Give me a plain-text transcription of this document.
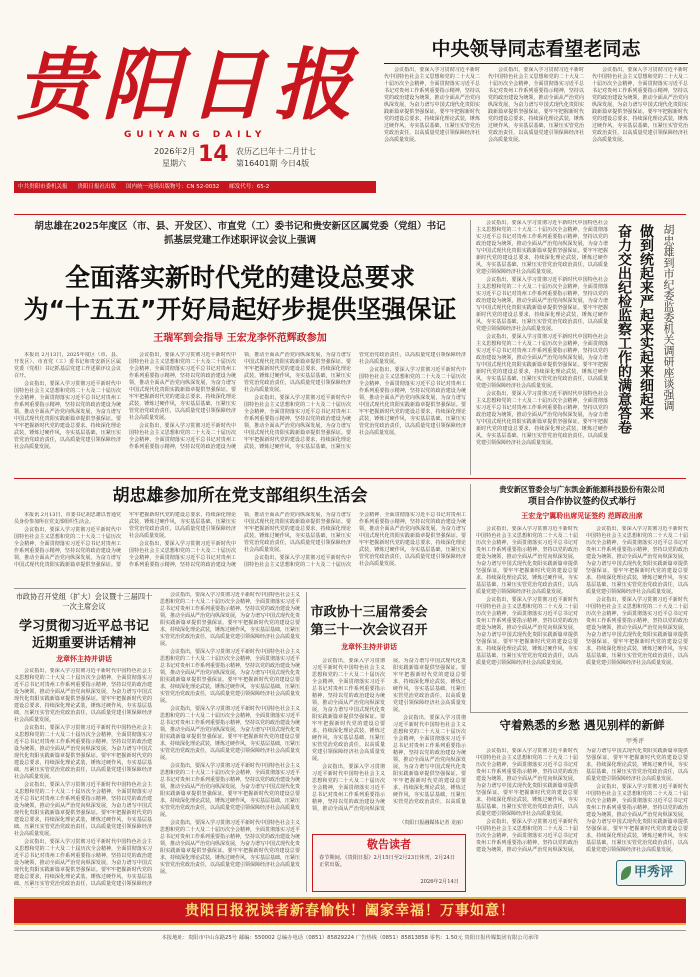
贵阳日报
GUIYANG DAILY
2026年2月
星期六 14 农历乙巳年十二月廿七
第16401期 今日4版
中共贵阳市委机关报 贵阳日报社出版 国内统一连续出版物号：CN 52-0032 邮发代号：65-2
中央领导同志看望老同志

会议指出，要深入学习贯彻习近平新时代中国特色社会主义思想和党的二十大及二十届历次全会精神，全面贯彻落实习近平总书记对贵州工作系列重要指示精神，坚持以党的政治建设为统领，推动全面从严治党向纵深发展，为奋力谱写中国式现代化贵阳实践新篇章提供坚强保证。要牢牢把握新时代党的建设总要求，持续深化理论武装，锤炼过硬作风，夯实基层基础，压紧压实管党治党政治责任，以高质量党建引领保障经济社会高质量发展。

会议指出，要深入学习贯彻习近平新时代中国特色社会主义思想和党的二十大及二十届历次全会精神，全面贯彻落实习近平总书记对贵州工作系列重要指示精神，坚持以党的政治建设为统领，推动全面从严治党向纵深发展，为奋力谱写中国式现代化贵阳实践新篇章提供坚强保证。要牢牢把握新时代党的建设总要求，持续深化理论武装，锤炼过硬作风，夯实基层基础，压紧压实管党治党政治责任，以高质量党建引领保障经济社会高质量发展。

会议指出，要深入学习贯彻习近平新时代中国特色社会主义思想和党的二十大及二十届历次全会精神，全面贯彻落实习近平总书记对贵州工作系列重要指示精神，坚持以党的政治建设为统领，推动全面从严治党向纵深发展，为奋力谱写中国式现代化贵阳实践新篇章提供坚强保证。要牢牢把握新时代党的建设总要求，持续深化理论武装，锤炼过硬作风，夯实基层基础，压紧压实管党治党政治责任，以高质量党建引领保障经济社会高质量发展。

胡忠雄在2025年度区（市、县、开发区）、市直党（工）委书记和贵安新区区属党委（党组）书记抓基层党建工作述职评议会议上强调
全面落实新时代党的建设总要求
为“十五五”开好局起好步提供坚强保证
王瑞军到会指导 王宏龙李怀范辉政参加

本报讯 2月13日，2025年度区（市、县、开发区）、市直党（工）委书记和贵安新区区属党委（党组）书记抓基层党建工作述职评议会议召开。

会议指出，要深入学习贯彻习近平新时代中国特色社会主义思想和党的二十大及二十届历次全会精神，全面贯彻落实习近平总书记对贵州工作系列重要指示精神，坚持以党的政治建设为统领，推动全面从严治党向纵深发展，为奋力谱写中国式现代化贵阳实践新篇章提供坚强保证。要牢牢把握新时代党的建设总要求，持续深化理论武装，锤炼过硬作风，夯实基层基础，压紧压实管党治党政治责任，以高质量党建引领保障经济社会高质量发展。

会议指出，要深入学习贯彻习近平新时代中国特色社会主义思想和党的二十大及二十届历次全会精神，全面贯彻落实习近平总书记对贵州工作系列重要指示精神，坚持以党的政治建设为统领，推动全面从严治党向纵深发展，为奋力谱写中国式现代化贵阳实践新篇章提供坚强保证。要牢牢把握新时代党的建设总要求，持续深化理论武装，锤炼过硬作风，夯实基层基础，压紧压实管党治党政治责任，以高质量党建引领保障经济社会高质量发展。

会议指出，要深入学习贯彻习近平新时代中国特色社会主义思想和党的二十大及二十届历次全会精神，全面贯彻落实习近平总书记对贵州工作系列重要指示精神，坚持以党的政治建设为统领，推动全面从严治党向纵深发展，为奋力谱写中国式现代化贵阳实践新篇章提供坚强保证。要牢牢把握新时代党的建设总要求，持续深化理论武装，锤炼过硬作风，夯实基层基础，压紧压实管党治党政治责任，以高质量党建引领保障经济社会高质量发展。

会议指出，要深入学习贯彻习近平新时代中国特色社会主义思想和党的二十大及二十届历次全会精神，全面贯彻落实习近平总书记对贵州工作系列重要指示精神，坚持以党的政治建设为统领，推动全面从严治党向纵深发展，为奋力谱写中国式现代化贵阳实践新篇章提供坚强保证。要牢牢把握新时代党的建设总要求，持续深化理论武装，锤炼过硬作风，夯实基层基础，压紧压实管党治党政治责任，以高质量党建引领保障经济社会高质量发展。

会议指出，要深入学习贯彻习近平新时代中国特色社会主义思想和党的二十大及二十届历次全会精神，全面贯彻落实习近平总书记对贵州工作系列重要指示精神，坚持以党的政治建设为统领，推动全面从严治党向纵深发展，为奋力谱写中国式现代化贵阳实践新篇章提供坚强保证。要牢牢把握新时代党的建设总要求，持续深化理论武装，锤炼过硬作风，夯实基层基础，压紧压实管党治党政治责任，以高质量党建引领保障经济社会高质量发展。

会议指出，要深入学习贯彻习近平新时代中国特色社会主义思想和党的二十大及二十届历次全会精神，全面贯彻落实习近平总书记对贵州工作系列重要指示精神，坚持以党的政治建设为统领，推动全面从严治党向纵深发展，为奋力谱写中国式现代化贵阳实践新篇章提供坚强保证。要牢牢把握新时代党的建设总要求，持续深化理论武装，锤炼过硬作风，夯实基层基础，压紧压实管党治党政治责任，以高质量党建引领保障经济社会高质量发展。

会议指出，要深入学习贯彻习近平新时代中国特色社会主义思想和党的二十大及二十届历次全会精神，全面贯彻落实习近平总书记对贵州工作系列重要指示精神，坚持以党的政治建设为统领，推动全面从严治党向纵深发展，为奋力谱写中国式现代化贵阳实践新篇章提供坚强保证。要牢牢把握新时代党的建设总要求，持续深化理论武装，锤炼过硬作风，夯实基层基础，压紧压实管党治党政治责任，以高质量党建引领保障经济社会高质量发展。

会议指出，要深入学习贯彻习近平新时代中国特色社会主义思想和党的二十大及二十届历次全会精神，全面贯彻落实习近平总书记对贵州工作系列重要指示精神，坚持以党的政治建设为统领，推动全面从严治党向纵深发展，为奋力谱写中国式现代化贵阳实践新篇章提供坚强保证。要牢牢把握新时代党的建设总要求，持续深化理论武装，锤炼过硬作风，夯实基层基础，压紧压实管党治党政治责任，以高质量党建引领保障经济社会高质量发展。

会议指出，要深入学习贯彻习近平新时代中国特色社会主义思想和党的二十大及二十届历次全会精神，全面贯彻落实习近平总书记对贵州工作系列重要指示精神，坚持以党的政治建设为统领，推动全面从严治党向纵深发展，为奋力谱写中国式现代化贵阳实践新篇章提供坚强保证。要牢牢把握新时代党的建设总要求，持续深化理论武装，锤炼过硬作风，夯实基层基础，压紧压实管党治党政治责任，以高质量党建引领保障经济社会高质量发展。

奋力交出纪检监察工作的满意答卷 做到统起来严起来实起来细起来 胡忠雄到市纪委监委机关调研座谈强调
胡忠雄参加所在党支部组织生活会

本报讯 2月13日，市委书记胡忠雄以普通党员身份参加所在党支部组织生活会。

会议指出，要深入学习贯彻习近平新时代中国特色社会主义思想和党的二十大及二十届历次全会精神，全面贯彻落实习近平总书记对贵州工作系列重要指示精神，坚持以党的政治建设为统领，推动全面从严治党向纵深发展，为奋力谱写中国式现代化贵阳实践新篇章提供坚强保证。要牢牢把握新时代党的建设总要求，持续深化理论武装，锤炼过硬作风，夯实基层基础，压紧压实管党治党政治责任，以高质量党建引领保障经济社会高质量发展。

会议指出，要深入学习贯彻习近平新时代中国特色社会主义思想和党的二十大及二十届历次全会精神，全面贯彻落实习近平总书记对贵州工作系列重要指示精神，坚持以党的政治建设为统领，推动全面从严治党向纵深发展，为奋力谱写中国式现代化贵阳实践新篇章提供坚强保证。要牢牢把握新时代党的建设总要求，持续深化理论武装，锤炼过硬作风，夯实基层基础，压紧压实管党治党政治责任，以高质量党建引领保障经济社会高质量发展。

会议指出，要深入学习贯彻习近平新时代中国特色社会主义思想和党的二十大及二十届历次全会精神，全面贯彻落实习近平总书记对贵州工作系列重要指示精神，坚持以党的政治建设为统领，推动全面从严治党向纵深发展，为奋力谱写中国式现代化贵阳实践新篇章提供坚强保证。要牢牢把握新时代党的建设总要求，持续深化理论武装，锤炼过硬作风，夯实基层基础，压紧压实管党治党政治责任，以高质量党建引领保障经济社会高质量发展。

贵安新区管委会与广东凯金新能源科技股份有限公司
项目合作协议签约仪式举行
王宏龙宁翼聆出席见证签约 范晖政出席

会议指出，要深入学习贯彻习近平新时代中国特色社会主义思想和党的二十大及二十届历次全会精神，全面贯彻落实习近平总书记对贵州工作系列重要指示精神，坚持以党的政治建设为统领，推动全面从严治党向纵深发展，为奋力谱写中国式现代化贵阳实践新篇章提供坚强保证。要牢牢把握新时代党的建设总要求，持续深化理论武装，锤炼过硬作风，夯实基层基础，压紧压实管党治党政治责任，以高质量党建引领保障经济社会高质量发展。

会议指出，要深入学习贯彻习近平新时代中国特色社会主义思想和党的二十大及二十届历次全会精神，全面贯彻落实习近平总书记对贵州工作系列重要指示精神，坚持以党的政治建设为统领，推动全面从严治党向纵深发展，为奋力谱写中国式现代化贵阳实践新篇章提供坚强保证。要牢牢把握新时代党的建设总要求，持续深化理论武装，锤炼过硬作风，夯实基层基础，压紧压实管党治党政治责任，以高质量党建引领保障经济社会高质量发展。

会议指出，要深入学习贯彻习近平新时代中国特色社会主义思想和党的二十大及二十届历次全会精神，全面贯彻落实习近平总书记对贵州工作系列重要指示精神，坚持以党的政治建设为统领，推动全面从严治党向纵深发展，为奋力谱写中国式现代化贵阳实践新篇章提供坚强保证。要牢牢把握新时代党的建设总要求，持续深化理论武装，锤炼过硬作风，夯实基层基础，压紧压实管党治党政治责任，以高质量党建引领保障经济社会高质量发展。

会议指出，要深入学习贯彻习近平新时代中国特色社会主义思想和党的二十大及二十届历次全会精神，全面贯彻落实习近平总书记对贵州工作系列重要指示精神，坚持以党的政治建设为统领，推动全面从严治党向纵深发展，为奋力谱写中国式现代化贵阳实践新篇章提供坚强保证。要牢牢把握新时代党的建设总要求，持续深化理论武装，锤炼过硬作风，夯实基层基础，压紧压实管党治党政治责任，以高质量党建引领保障经济社会高质量发展。

市政协召开党组（扩大）会议暨十三届四十一次主席会议
学习贯彻习近平总书记
近期重要讲话精神
龙章怀主持并讲话

会议指出，要深入学习贯彻习近平新时代中国特色社会主义思想和党的二十大及二十届历次全会精神，全面贯彻落实习近平总书记对贵州工作系列重要指示精神，坚持以党的政治建设为统领，推动全面从严治党向纵深发展，为奋力谱写中国式现代化贵阳实践新篇章提供坚强保证。要牢牢把握新时代党的建设总要求，持续深化理论武装，锤炼过硬作风，夯实基层基础，压紧压实管党治党政治责任，以高质量党建引领保障经济社会高质量发展。

会议指出，要深入学习贯彻习近平新时代中国特色社会主义思想和党的二十大及二十届历次全会精神，全面贯彻落实习近平总书记对贵州工作系列重要指示精神，坚持以党的政治建设为统领，推动全面从严治党向纵深发展，为奋力谱写中国式现代化贵阳实践新篇章提供坚强保证。要牢牢把握新时代党的建设总要求，持续深化理论武装，锤炼过硬作风，夯实基层基础，压紧压实管党治党政治责任，以高质量党建引领保障经济社会高质量发展。

会议指出，要深入学习贯彻习近平新时代中国特色社会主义思想和党的二十大及二十届历次全会精神，全面贯彻落实习近平总书记对贵州工作系列重要指示精神，坚持以党的政治建设为统领，推动全面从严治党向纵深发展，为奋力谱写中国式现代化贵阳实践新篇章提供坚强保证。要牢牢把握新时代党的建设总要求，持续深化理论武装，锤炼过硬作风，夯实基层基础，压紧压实管党治党政治责任，以高质量党建引领保障经济社会高质量发展。

会议指出，要深入学习贯彻习近平新时代中国特色社会主义思想和党的二十大及二十届历次全会精神，全面贯彻落实习近平总书记对贵州工作系列重要指示精神，坚持以党的政治建设为统领，推动全面从严治党向纵深发展，为奋力谱写中国式现代化贵阳实践新篇章提供坚强保证。要牢牢把握新时代党的建设总要求，持续深化理论武装，锤炼过硬作风，夯实基层基础，压紧压实管党治党政治责任，以高质量党建引领保障经济

会议指出，要深入学习贯彻习近平新时代中国特色社会主义思想和党的二十大及二十届历次全会精神，全面贯彻落实习近平总书记对贵州工作系列重要指示精神，坚持以党的政治建设为统领，推动全面从严治党向纵深发展，为奋力谱写中国式现代化贵阳实践新篇章提供坚强保证。要牢牢把握新时代党的建设总要求，持续深化理论武装，锤炼过硬作风，夯实基层基础，压紧压实管党治党政治责任，以高质量党建引领保障经济社会高质量发展。

会议指出，要深入学习贯彻习近平新时代中国特色社会主义思想和党的二十大及二十届历次全会精神，全面贯彻落实习近平总书记对贵州工作系列重要指示精神，坚持以党的政治建设为统领，推动全面从严治党向纵深发展，为奋力谱写中国式现代化贵阳实践新篇章提供坚强保证。要牢牢把握新时代党的建设总要求，持续深化理论武装，锤炼过硬作风，夯实基层基础，压紧压实管党治党政治责任，以高质量党建引领保障经济社会高质量发展。

会议指出，要深入学习贯彻习近平新时代中国特色社会主义思想和党的二十大及二十届历次全会精神，全面贯彻落实习近平总书记对贵州工作系列重要指示精神，坚持以党的政治建设为统领，推动全面从严治党向纵深发展，为奋力谱写中国式现代化贵阳实践新篇章提供坚强保证。要牢牢把握新时代党的建设总要求，持续深化理论武装，锤炼过硬作风，夯实基层基础，压紧压实管党治党政治责任，以高质量党建引领保障经济社会高质量发展。

会议指出，要深入学习贯彻习近平新时代中国特色社会主义思想和党的二十大及二十届历次全会精神，全面贯彻落实习近平总书记对贵州工作系列重要指示精神，坚持以党的政治建设为统领，推动全面从严治党向纵深发展，为奋力谱写中国式现代化贵阳实践新篇章提供坚强保证。要牢牢把握新时代党的建设总要求，持续深化理论武装，锤炼过硬作风，夯实基层基础，压紧压实管党治党政治责任，以高质量党建引领保障经济社会高质量发展。

会议指出，要深入学习贯彻习近平新时代中国特色社会主义思想和党的二十大及二十届历次全会精神，全面贯彻落实习近平总书记对贵州工作系列重要指示精神，坚持以党的政治建设为统领，推动全面从严治党向纵深发展，为奋力谱写中国式现代化贵阳实践新篇章提供坚强保证。要牢牢把握新时代党的建设总要求，持续深化理论武装，锤炼过硬作风，夯实基层基础，压紧压实管党治党政治责任，以高质量党建引领保障经济社会高质量发展。

市政协十三届常委会
第三十一次会议召开
龙章怀主持并讲话

会议指出，要深入学习贯彻习近平新时代中国特色社会主义思想和党的二十大及二十届历次全会精神，全面贯彻落实习近平总书记对贵州工作系列重要指示精神，坚持以党的政治建设为统领，推动全面从严治党向纵深发展，为奋力谱写中国式现代化贵阳实践新篇章提供坚强保证。要牢牢把握新时代党的建设总要求，持续深化理论武装，锤炼过硬作风，夯实基层基础，压紧压实管党治党政治责任，以高质量党建引领保障经济社会高质量发展。

会议指出，要深入学习贯彻习近平新时代中国特色社会主义思想和党的二十大及二十届历次全会精神，全面贯彻落实习近平总书记对贵州工作系列重要指示精神，坚持以党的政治建设为统领，推动全面从严治党向纵深发展，为奋力谱写中国式现代化贵阳实践新篇章提供坚强保证。要牢牢把握新时代党的建设总要求，持续深化理论武装，锤炼过硬作风，夯实基层基础，压紧压实管党治党政治责任，以高质量党建引领保障经济社会高质量发展。

会议指出，要深入学习贯彻习近平新时代中国特色社会主义思想和党的二十大及二十届历次全会精神，全面贯彻落实习近平总书记对贵州工作系列重要指示精神，坚持以党的政治建设为统领，推动全面从严治党向纵深发展，为奋力谱写中国式现代化贵阳实践新篇章提供坚强保证。要牢牢把握新时代党的建设总要求，持续深化理论武装，锤炼过硬作风，夯实基层基础，压紧压实管党治党政治责任，以高质量

（贵阳日报融媒体记者 龙丽）
敬告读者
春节期间，《贵阳日报》2月15日至2月23日休刊，2月24日正常出版。
2026年2月14日
守着熟悉的乡愁 遇见别样的新鲜
甲秀评

会议指出，要深入学习贯彻习近平新时代中国特色社会主义思想和党的二十大及二十届历次全会精神，全面贯彻落实习近平总书记对贵州工作系列重要指示精神，坚持以党的政治建设为统领，推动全面从严治党向纵深发展，为奋力谱写中国式现代化贵阳实践新篇章提供坚强保证。要牢牢把握新时代党的建设总要求，持续深化理论武装，锤炼过硬作风，夯实基层基础，压紧压实管党治党政治责任，以高质量党建引领保障经济社会高质量发展。

会议指出，要深入学习贯彻习近平新时代中国特色社会主义思想和党的二十大及二十届历次全会精神，全面贯彻落实习近平总书记对贵州工作系列重要指示精神，坚持以党的政治建设为统领，推动全面从严治党向纵深发展，为奋力谱写中国式现代化贵阳实践新篇章提供坚强保证。要牢牢把握新时代党的建设总要求，持续深化理论武装，锤炼过硬作风，夯实基层基础，压紧压实管党治党政治责任，以高质量党建引领保障经济社会高质量发展。

会议指出，要深入学习贯彻习近平新时代中国特色社会主义思想和党的二十大及二十届历次全会精神，全面贯彻落实习近平总书记对贵州工作系列重要指示精神，坚持以党的政治建设为统领，推动全面从严治党向纵深发展，为奋力谱写中国式现代化贵阳实践新篇章提供坚强保证。要牢牢把握新时代党的建设总要求，持续深化理论武装，锤炼过硬作风，夯实基层基础，压紧压实管党治党政治责任，以高质量党建引领保障经济社会高质量发展。

甲秀评
贵阳日报祝读者新春愉快！阖家幸福！万事如意！
本报地址：贵阳市中山东路25号 邮编：550002 总编办电话（0851）85829224 广告热线（0851）85813858 零售：1.50元 贵阳日报传媒集团有限公司承印
